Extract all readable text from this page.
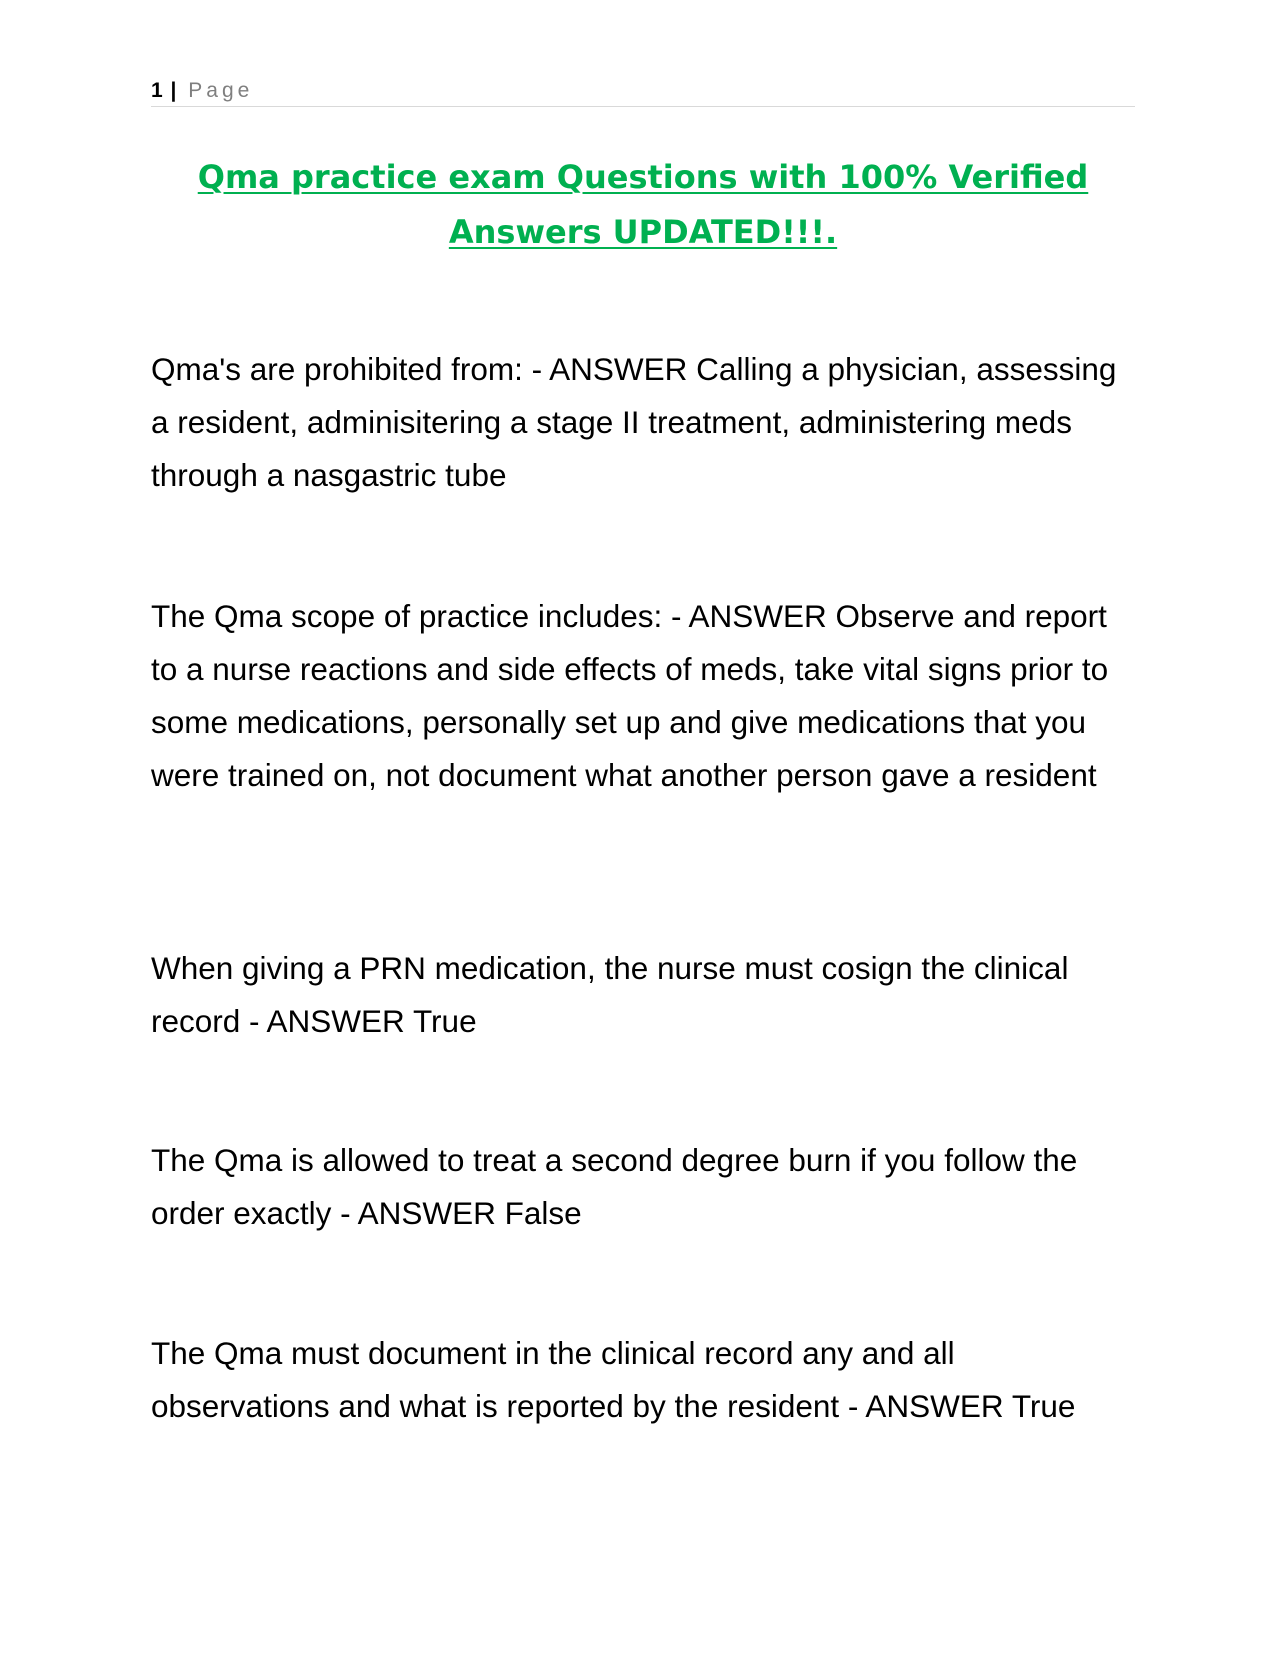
1 | Page
Qma practice exam Questions with 100% Verified Answers UPDATED!!!.

Qma's are prohibited from: - ANSWER Calling a physician, assessing a resident, adminisitering a stage II treatment, administering meds through a nasgastric tube

The Qma scope of practice includes: - ANSWER Observe and report to a nurse reactions and side effects of meds, take vital signs prior to some medications, personally set up and give medications that you were trained on, not document what another person gave a resident

When giving a PRN medication, the nurse must cosign the clinical record - ANSWER True

The Qma is allowed to treat a second degree burn if you follow the order exactly - ANSWER False

The Qma must document in the clinical record any and all observations and what is reported by the resident - ANSWER True
